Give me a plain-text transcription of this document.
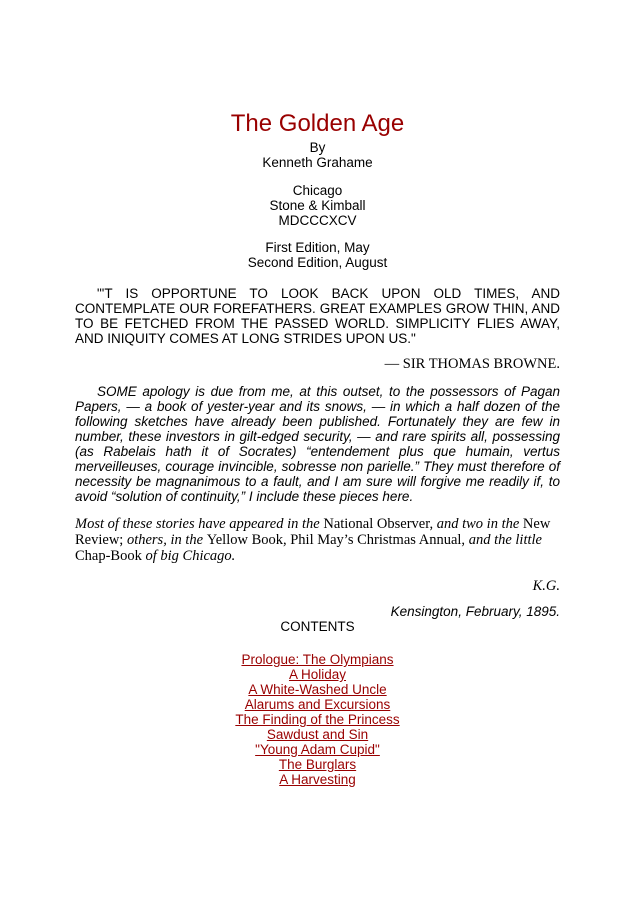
The Golden Age
By
Kenneth Grahame
Chicago
Stone & Kimball
MDCCCXCV
First Edition, May
Second Edition, August

"'T IS OPPORTUNE TO LOOK BACK UPON OLD TIMES, AND CONTEMPLATE OUR FOREFATHERS. GREAT EXAMPLES GROW THIN, AND TO BE FETCHED FROM THE PASSED WORLD. SIMPLICITY FLIES AWAY, AND INIQUITY COMES AT LONG STRIDES UPON US."

— SIR THOMAS BROWNE.

SOME apology is due from me, at this outset, to the possessors of Pagan Papers, — a book of yester-year and its snows, — in which a half dozen of the following sketches have already been published. Fortunately they are few in number, these investors in gilt-edged security, — and rare spirits all, possessing (as Rabelais hath it of Socrates) “entendement plus que humain, vertus merveilleuses, courage invincible, sobresse non parielle.” They must therefore of necessity be magnanimous to a fault, and I am sure will forgive me readily if, to avoid “solution of continuity,” I include these pieces here.

Most of these stories have appeared in the National Observer, and two in the New Review; others, in the Yellow Book, Phil May’s Christmas Annual, and the little Chap-Book of big Chicago.

K.G.
Kensington, February, 1895.
CONTENTS
Prologue: The Olympians
A Holiday
A White-Washed Uncle
Alarums and Excursions
The Finding of the Princess
Sawdust and Sin
"Young Adam Cupid"
The Burglars
A Harvesting
